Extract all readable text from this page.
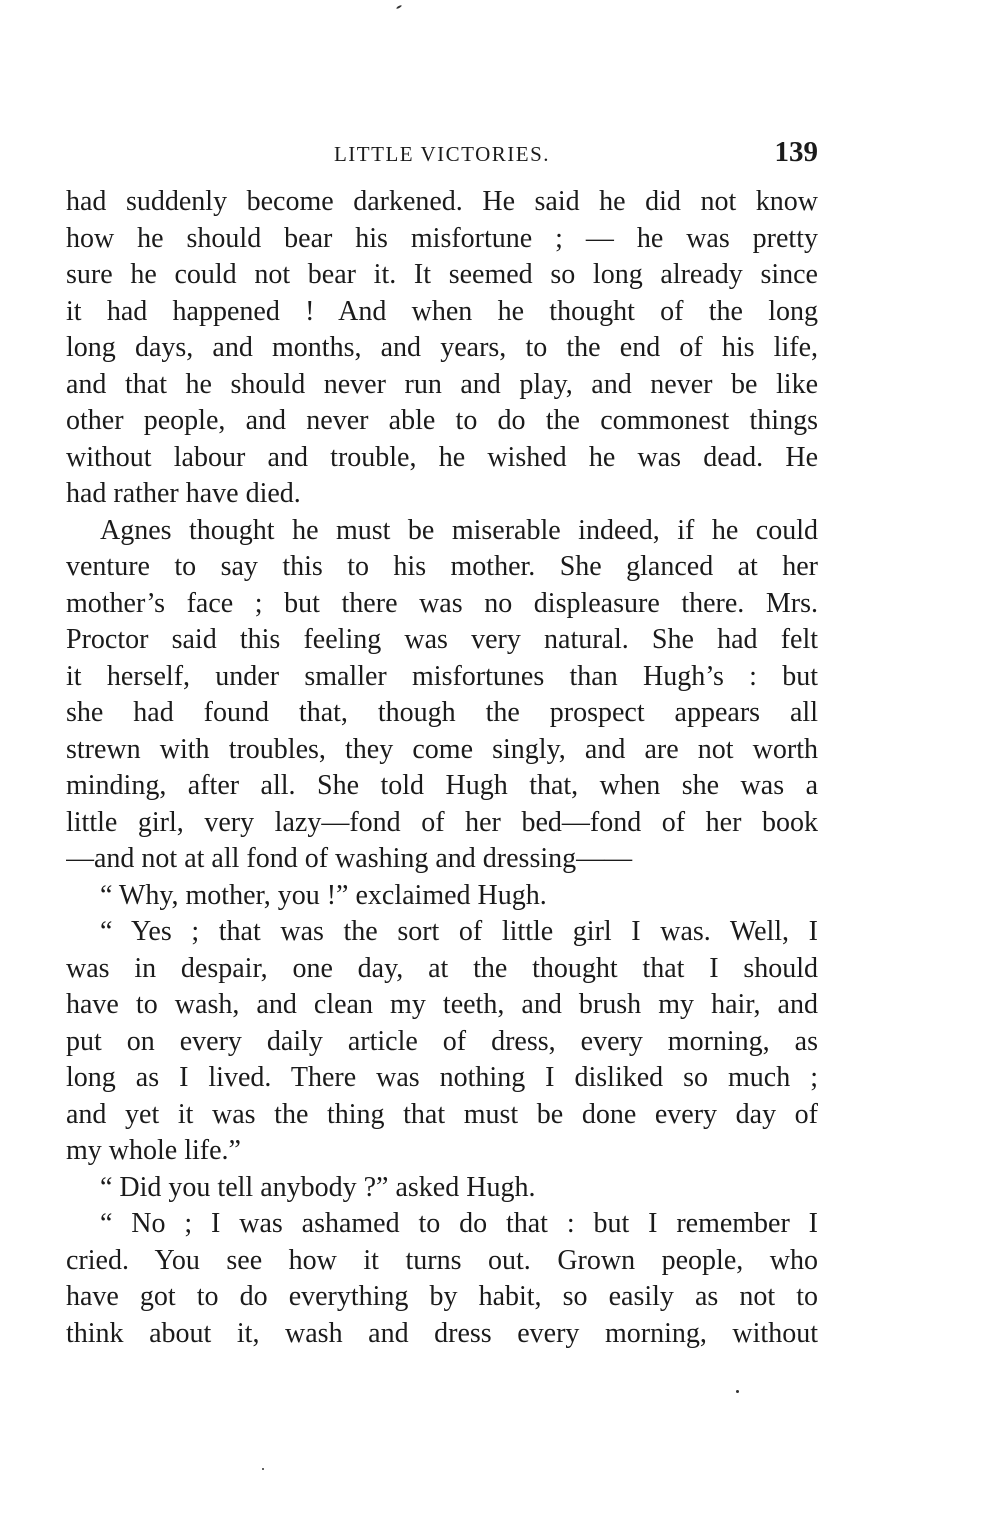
LITTLE VICTORIES.	139
had suddenly become darkened. He said he did not know
how he should bear his misfortune ; — he was pretty
sure he could not bear it. It seemed so long already since
it had happened ! And when he thought of the long
long days, and months, and years, to the end of his life,
and that he should never run and play, and never be like
other people, and never able to do the commonest things
without labour and trouble, he wished he was dead. He
had rather have died.
Agnes thought he must be miserable indeed, if he could
venture to say this to his mother. She glanced at her
mother’s face ; but there was no displeasure there. Mrs.
Proctor said this feeling was very natural. She had felt
it herself, under smaller misfortunes than Hugh’s : but
she had found that, though the prospect appears all
strewn with troubles, they come singly, and are not worth
minding, after all. She told Hugh that, when she was a
little girl, very lazy—fond of her bed—fond of her book
—and not at all fond of washing and dressing——
“ Why, mother, you !” exclaimed Hugh.
“ Yes ; that was the sort of little girl I was. Well, I
was in despair, one day, at the thought that I should
have to wash, and clean my teeth, and brush my hair, and
put on every daily article of dress, every morning, as
long as I lived. There was nothing I disliked so much ;
and yet it was the thing that must be done every day of
my whole life.”
“ Did you tell anybody ?” asked Hugh.
“ No ; I was ashamed to do that : but I remember I
cried. You see how it turns out. Grown people, who
have got to do everything by habit, so easily as not to
think about it, wash and dress every morning, without
